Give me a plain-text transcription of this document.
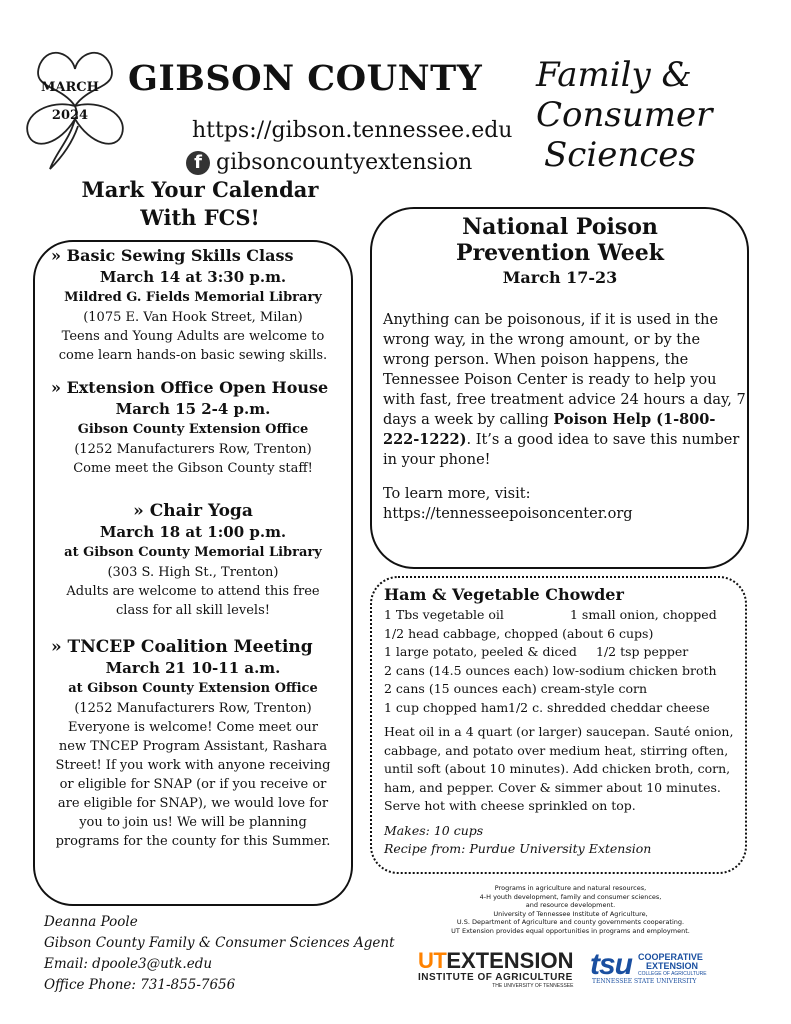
MARCH
2024
GIBSON COUNTY
https://gibson.tennessee.edu
f gibsoncountyextension
Family &
Consumer
Sciences
Mark Your Calendar
With FCS!
» Basic Sewing Skills Class
March 14 at 3:30 p.m.
Mildred G. Fields Memorial Library
(1075 E. Van Hook Street, Milan)
Teens and Young Adults are welcome to
come learn hands-on basic sewing skills.
» Extension Office Open House
March 15 2-4 p.m.
Gibson County Extension Office
(1252 Manufacturers Row, Trenton)
Come meet the Gibson County staff!
» Chair Yoga
March 18 at 1:00 p.m.
at Gibson County Memorial Library
(303 S. High St., Trenton)
Adults are welcome to attend this free
class for all skill levels!
» TNCEP Coalition Meeting
March 21 10-11 a.m.
at Gibson County Extension Office
(1252 Manufacturers Row, Trenton)
Everyone is welcome! Come meet our
new TNCEP Program Assistant, Rashara
Street! If you work with anyone receiving
or eligible for SNAP (or if you receive or
are eligible for SNAP), we would love for
you to join us! We will be planning
programs for the county for this Summer.
National Poison
Prevention Week
March 17-23
Anything can be poisonous, if it is used in the wrong way, in the wrong amount, or by the wrong person. When poison happens, the Tennessee Poison Center is ready to help you with fast, free treatment advice 24 hours a day, 7 days a week by calling Poison Help (1-800-222-1222). It’s a good idea to save this number in your phone!
To learn more, visit:
https://tennesseepoisoncenter.org
Ham & Vegetable Chowder
1 Tbs vegetable oil	1 small onion, chopped
1/2 head cabbage, chopped (about 6 cups)
1 large potato, peeled & diced	1/2 tsp pepper
2 cans (14.5 ounces each) low-sodium chicken broth
2 cans (15 ounces each) cream-style corn
1 cup chopped ham 1/2 c. shredded cheddar cheese
Heat oil in a 4 quart (or larger) saucepan. Sauté onion, cabbage, and potato over medium heat, stirring often, until soft (about 10 minutes). Add chicken broth, corn, ham, and pepper. Cover & simmer about 10 minutes. Serve hot with cheese sprinkled on top.
Makes: 10 cups
Recipe from: Purdue University Extension
Deanna Poole
Gibson County Family & Consumer Sciences Agent
Email: dpoole3@utk.edu
Office Phone: 731-855-7656
Programs in agriculture and natural resources,
4-H youth development, family and consumer sciences,
and resource development.
University of Tennessee Institute of Agriculture,
U.S. Department of Agriculture and county governments cooperating.
UT Extension provides equal opportunities in programs and employment.
UTEXTENSION
INSTITUTE OF AGRICULTURE
THE UNIVERSITY OF TENNESSEE
tsu COOPERATIVE
EXTENSION
COLLEGE OF AGRICULTURE
TENNESSEE STATE UNIVERSITY
